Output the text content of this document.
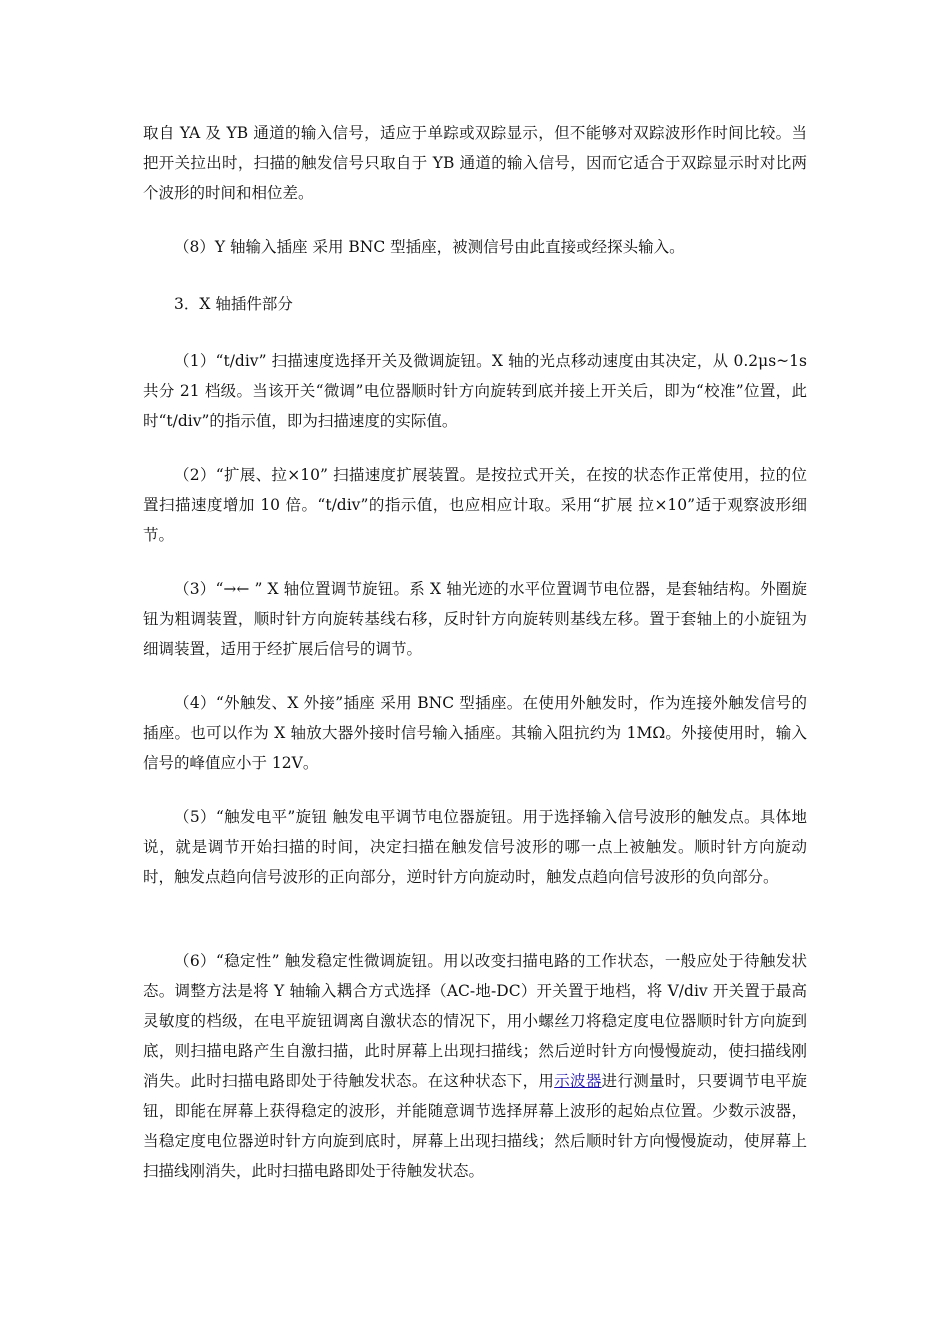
取自 YA 及 YB 通道的输入信号，适应于单踪或双踪显示，但不能够对双踪波形作时间比较。当把开关拉出时，扫描的触发信号只取自于 YB 通道的输入信号，因而它适合于双踪显示时对比两个波形的时间和相位差。

（8）Y 轴输入插座 采用 BNC 型插座，被测信号由此直接或经探头输入。

3．X 轴插件部分

（1）“t/div” 扫描速度选择开关及微调旋钮。X 轴的光点移动速度由其决定，从 0.2μs~1s 共分 21 档级。当该开关“微调”电位器顺时针方向旋转到底并接上开关后，即为“校准”位置，此时“t/div”的指示值，即为扫描速度的实际值。

（2）“扩展、拉×10” 扫描速度扩展装置。是按拉式开关，在按的状态作正常使用，拉的位置扫描速度增加 10 倍。“t/div”的指示值，也应相应计取。采用“扩展 拉×10”适于观察波形细节。

（3）“→← ” X 轴位置调节旋钮。系 X 轴光迹的水平位置调节电位器，是套轴结构。外圈旋钮为粗调装置，顺时针方向旋转基线右移，反时针方向旋转则基线左移。置于套轴上的小旋钮为细调装置，适用于经扩展后信号的调节。

（4）“外触发、X 外接”插座 采用 BNC 型插座。在使用外触发时，作为连接外触发信号的插座。也可以作为 X 轴放大器外接时信号输入插座。其输入阻抗约为 1MΩ。外接使用时，输入信号的峰值应小于 12V。

（5）“触发电平”旋钮 触发电平调节电位器旋钮。用于选择输入信号波形的触发点。具体地说，就是调节开始扫描的时间，决定扫描在触发信号波形的哪一点上被触发。顺时针方向旋动时，触发点趋向信号波形的正向部分，逆时针方向旋动时，触发点趋向信号波形的负向部分。

（6）“稳定性” 触发稳定性微调旋钮。用以改变扫描电路的工作状态，一般应处于待触发状态。调整方法是将 Y 轴输入耦合方式选择（AC-地-DC）开关置于地档，将 V/div 开关置于最高灵敏度的档级，在电平旋钮调离自激状态的情况下，用小螺丝刀将稳定度电位器顺时针方向旋到底，则扫描电路产生自激扫描，此时屏幕上出现扫描线；然后逆时针方向慢慢旋动，使扫描线刚消失。此时扫描电路即处于待触发状态。在这种状态下，用示波器进行测量时，只要调节电平旋钮，即能在屏幕上获得稳定的波形，并能随意调节选择屏幕上波形的起始点位置。少数示波器，当稳定度电位器逆时针方向旋到底时，屏幕上出现扫描线；然后顺时针方向慢慢旋动，使屏幕上扫描线刚消失，此时扫描电路即处于待触发状态。
